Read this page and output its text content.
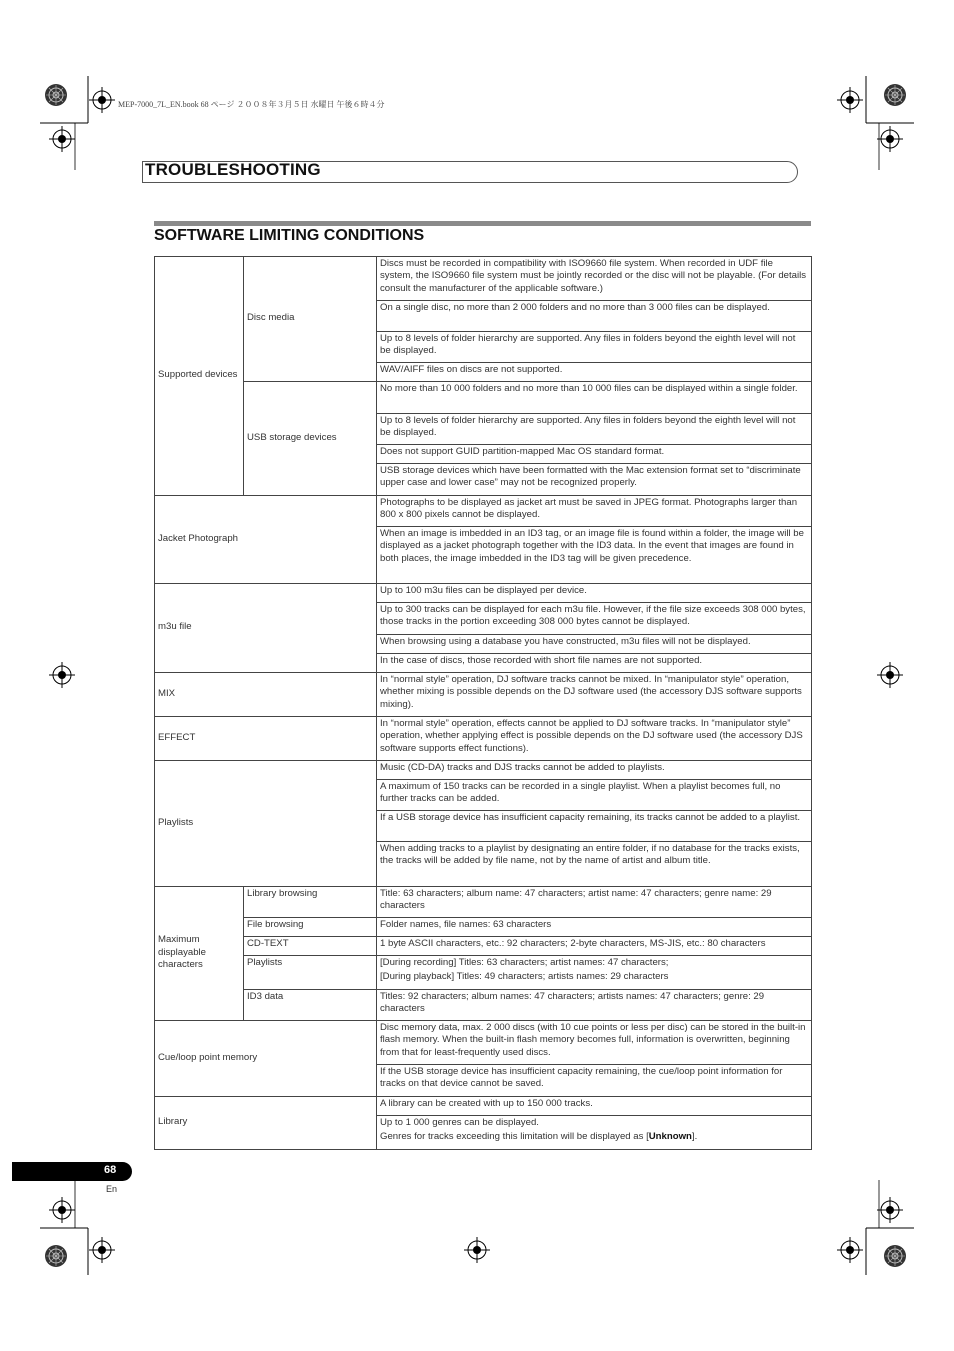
MEP-7000_7L_EN.book 68 ページ ２００８年３月５日 水曜日 午後６時４分
TROUBLESHOOTING
SOFTWARE LIMITING CONDITIONS
Supported devices	Disc media	Discs must be recorded in compatibility with ISO9660 file system. When recorded in UDF file system, the ISO9660 file system must be jointly recorded or the disc will not be playable. (For details consult the manufacturer of the applicable software.)
		On a single disc, no more than 2 000 folders and no more than 3 000 files can be displayed.
		Up to 8 levels of folder hierarchy are supported. Any files in folders beyond the eighth level will not be displayed.
		WAV/AIFF files on discs are not supported.
	USB storage devices	No more than 10 000 folders and no more than 10 000 files can be displayed within a single folder.
		Up to 8 levels of folder hierarchy are supported. Any files in folders beyond the eighth level will not be displayed.
		Does not support GUID partition-mapped Mac OS standard format.
		USB storage devices which have been formatted with the Mac extension format set to “discriminate upper case and lower case” may not be recognized properly.
Jacket Photograph		Photographs to be displayed as jacket art must be saved in JPEG format. Photographs larger than 800 x 800 pixels cannot be displayed.
		When an image is imbedded in an ID3 tag, or an image file is found within a folder, the image will be displayed as a jacket photograph together with the ID3 data. In the event that images are found in both places, the image imbedded in the ID3 tag will be given precedence.
m3u file		Up to 100 m3u files can be displayed per device.
		Up to 300 tracks can be displayed for each m3u file. However, if the file size exceeds 308 000 bytes, those tracks in the portion exceeding 308 000 bytes cannot be displayed.
		When browsing using a database you have constructed, m3u files will not be displayed.
		In the case of discs, those recorded with short file names are not supported.
MIX		In “normal style” operation, DJ software tracks cannot be mixed. In “manipulator style” operation, whether mixing is possible depends on the DJ software used (the accessory DJS software supports mixing).
EFFECT		In “normal style” operation, effects cannot be applied to DJ software tracks. In “manipulator style” operation, whether applying effect is possible depends on the DJ software used (the accessory DJS software supports effect functions).
Playlists		Music (CD-DA) tracks and DJS tracks cannot be added to playlists.
		A maximum of 150 tracks can be recorded in a single playlist. When a playlist becomes full, no further tracks can be added.
		If a USB storage device has insufficient capacity remaining, its tracks cannot be added to a playlist.
		When adding tracks to a playlist by designating an entire folder, if no database for the tracks exists, the tracks will be added by file name, not by the name of artist and album title.
Maximum displayable characters	Library browsing	Title: 63 characters; album name: 47 characters; artist name: 47 characters; genre name: 29 characters
	File browsing	Folder names, file names: 63 characters
	CD-TEXT	1 byte ASCII characters, etc.: 92 characters; 2-byte characters, MS-JIS, etc.: 80 characters
	Playlists	[During recording] Titles: 63 characters; artist names: 47 characters;
[During playback] Titles: 49 characters; artists names: 29 characters

	ID3 data	Titles: 92 characters; album names: 47 characters; artists names: 47 characters; genre: 29 characters
Cue/loop point memory		Disc memory data, max. 2 000 discs (with 10 cue points or less per disc) can be stored in the built-in flash memory. When the built-in flash memory becomes full, information is overwritten, beginning from that for least-frequently used discs.
		If the USB storage device has insufficient capacity remaining, the cue/loop point information for tracks on that device cannot be saved.
Library		A library can be created with up to 150 000 tracks.

		Up to 1 000 genres can be displayed.
Genres for tracks exceeding this limitation will be displayed as [Unknown].
68
En
